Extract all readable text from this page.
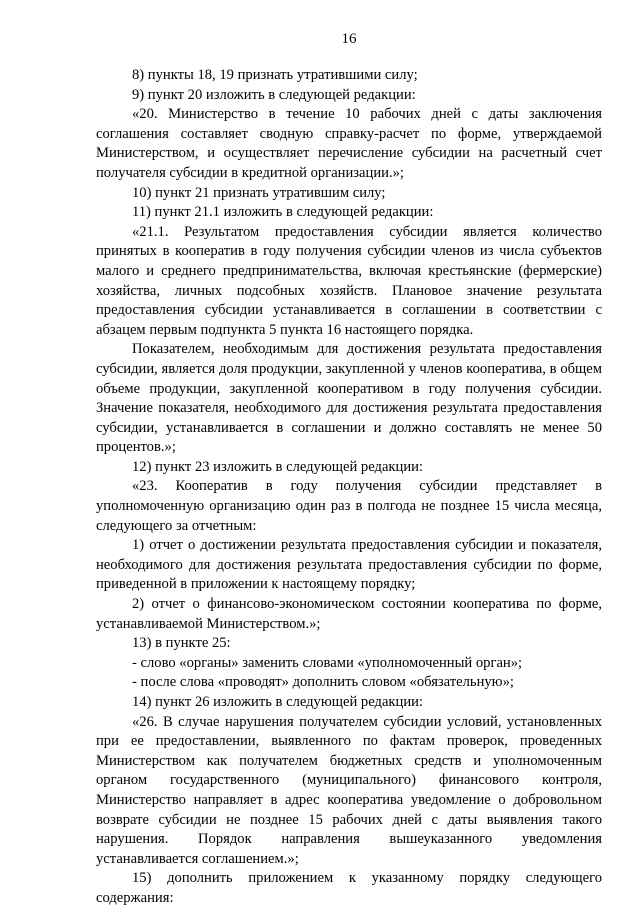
16

8) пункты 18, 19 признать утратившими силу;

9) пункт 20 изложить в следующей редакции:

«20. Министерство в течение 10 рабочих дней с даты заключения соглашения составляет сводную справку-расчет по форме, утверждаемой Министерством, и осуществляет перечисление субсидии на расчетный счет получателя субсидии в кредитной организации.»;

10) пункт 21 признать утратившим силу;

11) пункт 21.1 изложить в следующей редакции:

«21.1. Результатом предоставления субсидии является количество принятых в кооператив в году получения субсидии членов из числа субъектов малого и среднего предпринимательства, включая крестьянские (фермерские) хозяйства, личных подсобных хозяйств. Плановое значение результата предоставления субсидии устанавливается в соглашении в соответствии с абзацем первым подпункта 5 пункта 16 настоящего порядка.

Показателем, необходимым для достижения результата предоставления субсидии, является доля продукции, закупленной у членов кооператива, в общем объеме продукции, закупленной кооперативом в году получения субсидии. Значение показателя, необходимого для достижения результата предоставления субсидии, устанавливается в соглашении и должно составлять не менее 50 процентов.»;

12) пункт 23 изложить в следующей редакции:

«23. Кооператив в году получения субсидии представляет в уполномоченную организацию один раз в полгода не позднее 15 числа месяца, следующего за отчетным:

1) отчет о достижении результата предоставления субсидии и показателя, необходимого для достижения результата предоставления субсидии по форме, приведенной в приложении к настоящему порядку;

2) отчет о финансово-экономическом состоянии кооператива по форме, устанавливаемой Министерством.»;

13) в пункте 25:

- слово «органы» заменить словами «уполномоченный орган»;

- после слова «проводят» дополнить словом «обязательную»;

14) пункт 26 изложить в следующей редакции:

«26. В случае нарушения получателем субсидии условий, установленных при ее предоставлении, выявленного по фактам проверок, проведенных Министерством как получателем бюджетных средств и уполномоченным органом государственного (муниципального) финансового контроля, Министерство направляет в адрес кооператива уведомление о добровольном возврате субсидии не позднее 15 рабочих дней с даты выявления такого нарушения. Порядок направления вышеуказанного уведомления устанавливается соглашением.»;

15) дополнить приложением к указанному порядку следующего содержания:
